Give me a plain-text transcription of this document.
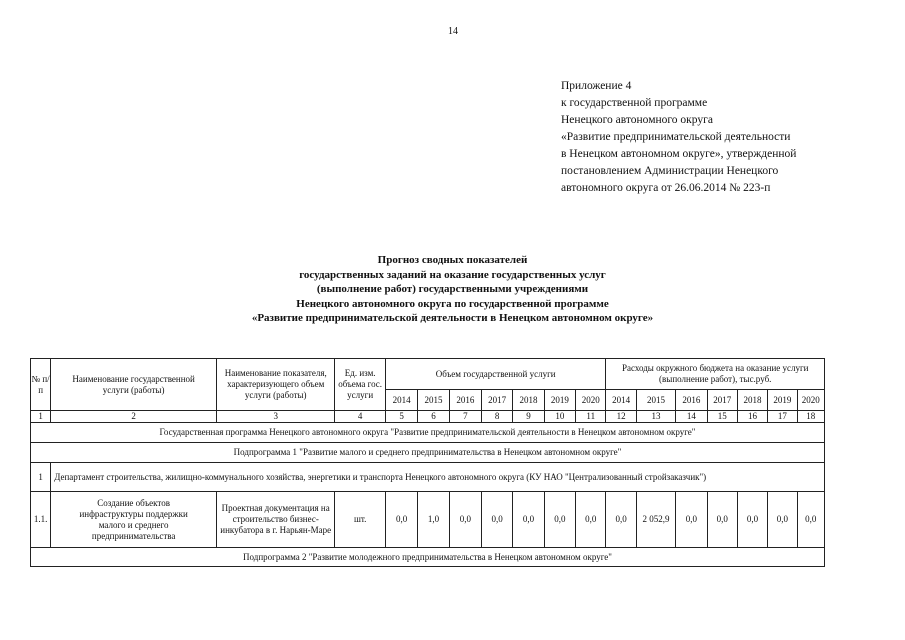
14
Приложение 4
к государственной программе
Ненецкого автономного округа
«Развитие предпринимательской деятельности
в Ненецком автономном округе», утвержденной
постановлением Администрации Ненецкого
автономного округа от 26.06.2014 № 223-п
Прогноз сводных показателей
государственных заданий на оказание государственных услуг
(выполнение работ) государственными учреждениями
Ненецкого автономного округа по государственной программе
«Развитие предпринимательской деятельности в Ненецком автономном округе»
№ п/п	Наименование государственной услуги (работы)	Наименование показателя, характеризующего объем услуги (работы)	Ед. изм. объема гос. услуги	Объем государственной услуги							Расходы окружного бюджета на оказание услуги (выполнение работ), тыс.руб.						
				2014	2015	2016	2017	2018	2019	2020	2014	2015	2016	2017	2018	2019	2020
1	2	3	4	5	6	7	8	9	10	11	12	13	14	15	16	17	18
Государственная программа Ненецкого автономного округа "Развитие предпринимательской деятельности в Ненецком автономном округе"																	
Подпрограмма 1 "Развитие малого и среднего предпринимательства в Ненецком автономном округе"																	
1	Департамент строительства, жилищно-коммунального хозяйства, энергетики и транспорта Ненецкого автономного округа (КУ НАО "Централизованный стройзаказчик")																
1.1.	Создание объектов инфраструктуры поддержки малого и среднего предпринимательства	Проектная документация на строительство бизнес-инкубатора в г. Нарьян-Маре	шт.	0,0	1,0	0,0	0,0	0,0	0,0	0,0	0,0	2 052,9	0,0	0,0	0,0	0,0	0,0
Подпрограмма 2 "Развитие молодежного предпринимательства в Ненецком автономном округе"																	
